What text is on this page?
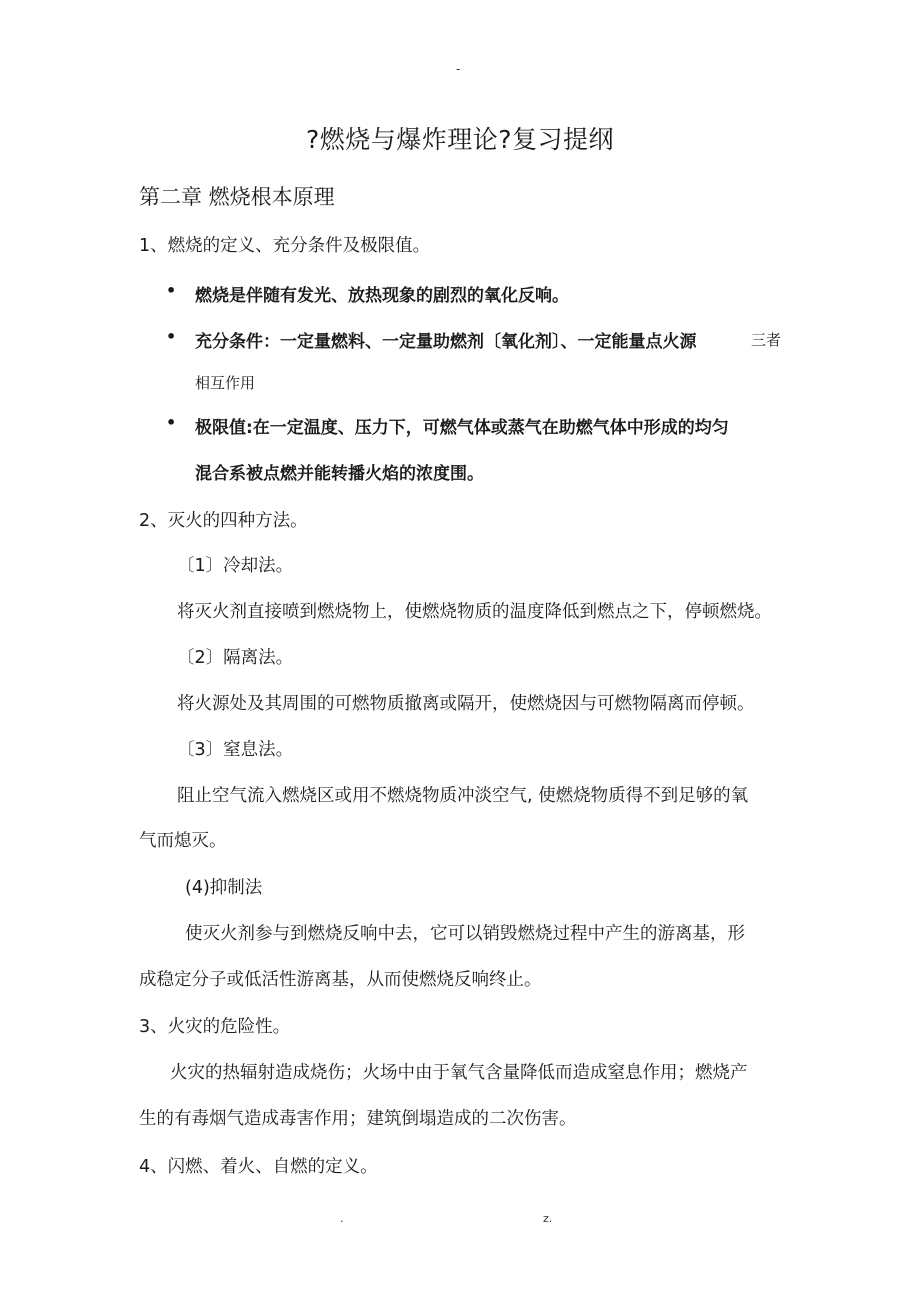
-
?燃烧与爆炸理论?复习提纲
第二章 燃烧根本原理
1、燃烧的定义、充分条件及极限值。
• 燃烧是伴随有发光、放热现象的剧烈的氧化反响。
• 充分条件：一定量燃料、一定量助燃剂〔氧化剂〕、一定能量点火源	三者
相互作用
• 极限值:在一定温度、压力下，可燃气体或蒸气在助燃气体中形成的均匀
混合系被点燃并能转播火焰的浓度围。
2、灭火的四种方法。
〔1〕冷却法。
将灭火剂直接喷到燃烧物上，使燃烧物质的温度降低到燃点之下，停顿燃烧。
〔2〕隔离法。
将火源处及其周围的可燃物质撤离或隔开，使燃烧因与可燃物隔离而停顿。
〔3〕窒息法。
阻止空气流入燃烧区或用不燃烧物质冲淡空气, 使燃烧物质得不到足够的氧
气而熄灭。
(4)抑制法
使灭火剂参与到燃烧反响中去，它可以销毁燃烧过程中产生的游离基，形
成稳定分子或低活性游离基，从而使燃烧反响终止。
3、火灾的危险性。
火灾的热辐射造成烧伤；火场中由于氧气含量降低而造成窒息作用；燃烧产
生的有毒烟气造成毒害作用；建筑倒塌造成的二次伤害。
4、闪燃、着火、自燃的定义。
.	z.
